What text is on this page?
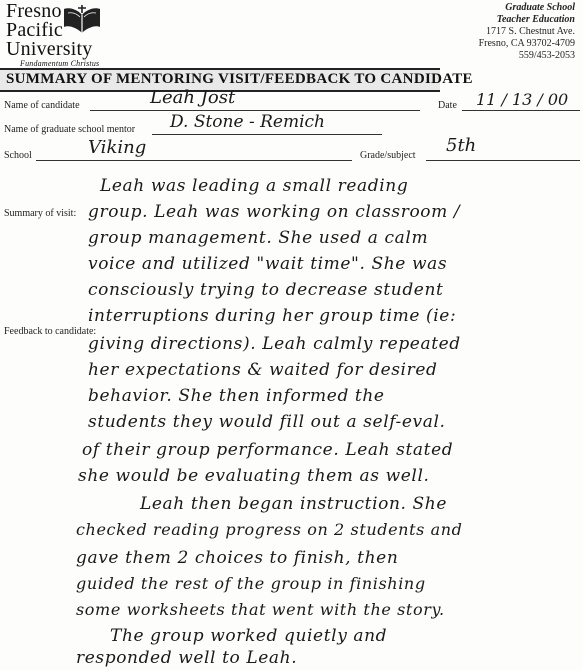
Fresno
Pacific
University
Fundamentum Christus
Graduate School
Teacher Education
1717 S. Chestnut Ave.
Fresno, CA 93702-4709
559/453-2053
SUMMARY OF MENTORING VISIT/FEEDBACK TO CANDIDATE
Name of candidate	Leah Jost	Date 11 / 13 / 00
Name of graduate school mentor D. Stone - Remich
School	Viking	Grade/subject 5th
Summary of visit:
Feedback to candidate:
Leah was leading a small reading
group. Leah was working on classroom /
group management. She used a calm
voice and utilized "wait time". She was
consciously trying to decrease student
interruptions during her group time (ie:
giving directions). Leah calmly repeated
her expectations & waited for desired
behavior. She then informed the
students they would fill out a self-eval.
of their group performance. Leah stated
she would be evaluating them as well.
Leah then began instruction. She
checked reading progress on 2 students and
gave them 2 choices to finish, then
guided the rest of the group in finishing
some worksheets that went with the story.
The group worked quietly and
responded well to Leah.
